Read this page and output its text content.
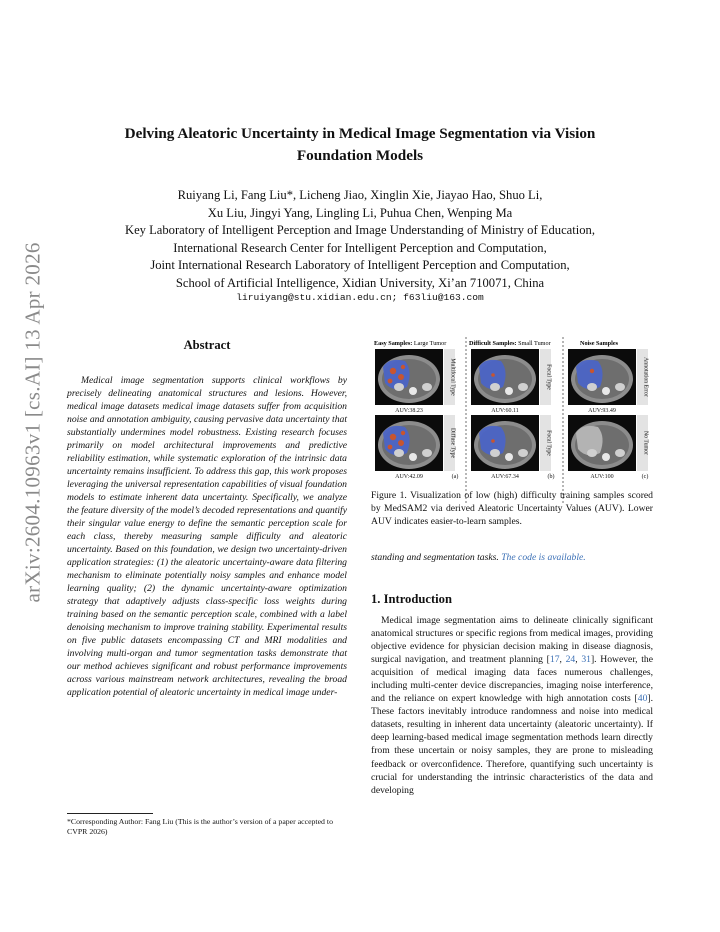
arXiv:2604.10963v1 [cs.AI] 13 Apr 2026
Delving Aleatoric Uncertainty in Medical Image Segmentation via Vision
Foundation Models
Ruiyang Li, Fang Liu*, Licheng Jiao, Xinglin Xie, Jiayao Hao, Shuo Li,
Xu Liu, Jingyi Yang, Lingling Li, Puhua Chen, Wenping Ma
Key Laboratory of Intelligent Perception and Image Understanding of Ministry of Education,
International Research Center for Intelligent Perception and Computation,
Joint International Research Laboratory of Intelligent Perception and Computation,
School of Artificial Intelligence, Xidian University, Xi’an 710071, China
liruiyang@stu.xidian.edu.cn; f63liu@163.com
Abstract
Medical image segmentation supports clinical workflows by precisely delineating anatomical structures and lesions. However, medical image datasets medical image datasets suffer from acquisition noise and annotation ambiguity, causing pervasive data uncertainty that substantially undermines model robustness. Existing research focuses primarily on model architectural improvements and predictive reliability estimation, while systematic exploration of the intrinsic data uncertainty remains insufficient. To address this gap, this work proposes leveraging the universal representation capabilities of visual foundation models to estimate inherent data uncertainty. Specifically, we analyze the feature diversity of the model’s decoded representations and quantify their singular value energy to define the semantic perception scale for each class, thereby measuring sample difficulty and aleatoric uncertainty. Based on this foundation, we design two uncertainty-driven application strategies: (1) the aleatoric uncertainty-aware data filtering mechanism to eliminate potentially noisy samples and enhance model learning quality; (2) the dynamic uncertainty-aware optimization strategy that adaptively adjusts class-specific loss weights during training based on the semantic perception scale, combined with a label denoising mechanism to improve training stability. Experimental results on five public datasets encompassing CT and MRI modalities and involving multi-organ and tumor segmentation tasks demonstrate that our method achieves significant and robust performance improvements across various mainstream network architectures, revealing the broad application potential of aleatoric uncertainty in medical image under-
*Corresponding Author: Fang Liu (This is the author’s version of a paper accepted to CVPR 2026)
Easy Samples: Large Tumor	Difficult Samples: Small Tumor	Noise Samples
Multifocal Type
AUV:38.23
Focal Type
AUV:60.11
Annotation Error
AUV:93.49
Diffuse Type
AUV:42.09
Focal Type
AUV:67.34
No Tumor
AUV:100
(a)	(b)	(c)
Figure 1. Visualization of low (high) difficulty training samples scored by MedSAM2 via derived Aleatoric Uncertainty Values (AUV). Lower AUV indicates easier-to-learn samples.
standing and segmentation tasks. The code is available.
1. Introduction
Medical image segmentation aims to delineate clinically significant anatomical structures or specific regions from medical images, providing objective evidence for physician decision making in disease diagnosis, surgical navigation, and treatment planning [17, 24, 31]. However, the acquisition of medical imaging data faces numerous challenges, including multi-center device discrepancies, imaging noise interference, and the reliance on expert knowledge with high annotation costs [40]. These factors inevitably introduce randomness and noise into medical datasets, resulting in inherent data uncertainty (aleatoric uncertainty). If deep learning-based medical image segmentation methods learn directly from these uncertain or noisy samples, they are prone to misleading feedback or overconfidence. Therefore, quantifying such uncertainty is crucial for understanding the intrinsic characteristics of the data and developing
